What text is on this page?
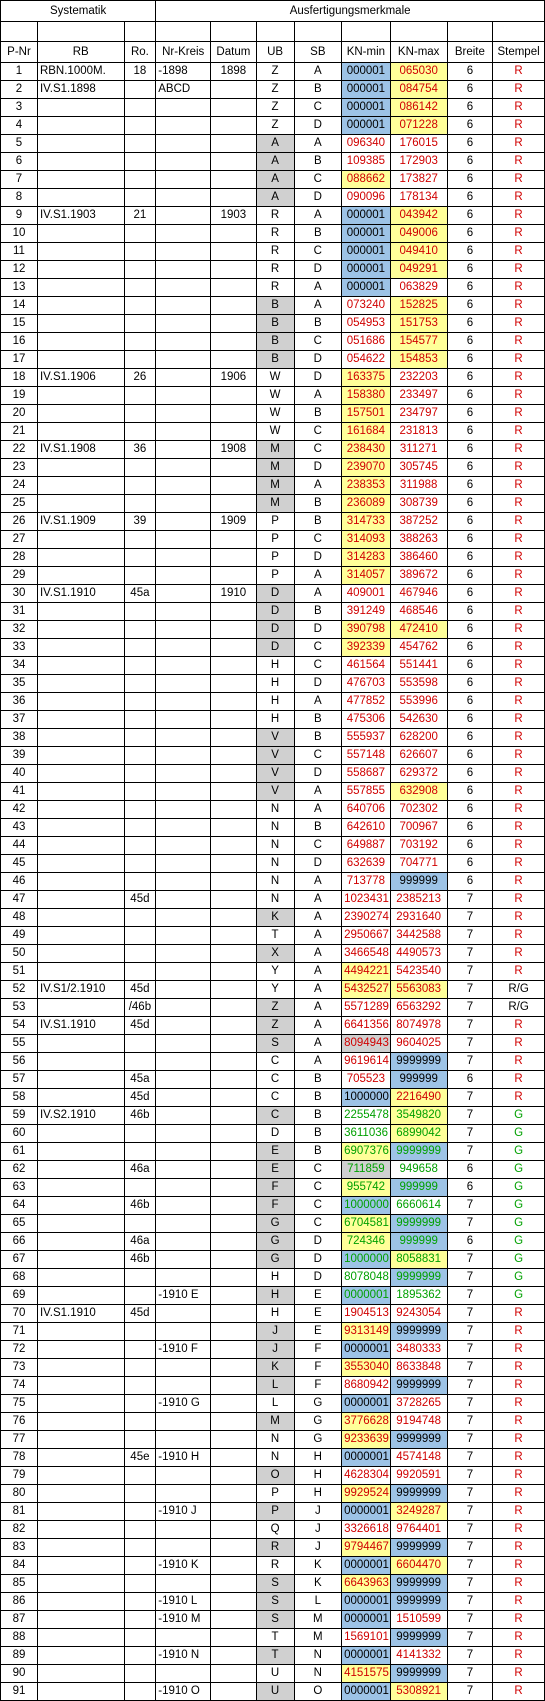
Systematik			Ausfertigungsmerkmale							

P-Nr	RB	Ro.	Nr-Kreis	Datum	UB	SB	KN-min	KN-max	Breite	Stempel
1	RBN.1000M.	18	-1898	1898	Z	A	000001	065030	6	R
2	IV.S1.1898		ABCD		Z	B	000001	084754	6	R
3					Z	C	000001	086142	6	R
4					Z	D	000001	071228	6	R
5					A	A	096340	176015	6	R
6					A	B	109385	172903	6	R
7					A	C	088662	173827	6	R
8					A	D	090096	178134	6	R
9	IV.S1.1903	21		1903	R	A	000001	043942	6	R
10					R	B	000001	049006	6	R
11					R	C	000001	049410	6	R
12					R	D	000001	049291	6	R
13					R	A	000001	063829	6	R
14					B	A	073240	152825	6	R
15					B	B	054953	151753	6	R
16					B	C	051686	154577	6	R
17					B	D	054622	154853	6	R
18	IV.S1.1906	26		1906	W	D	163375	232203	6	R
19					W	A	158380	233497	6	R
20					W	B	157501	234797	6	R
21					W	C	161684	231813	6	R
22	IV.S1.1908	36		1908	M	C	238430	311271	6	R
23					M	D	239070	305745	6	R
24					M	A	238353	311988	6	R
25					M	B	236089	308739	6	R
26	IV.S1.1909	39		1909	P	B	314733	387252	6	R
27					P	C	314093	388263	6	R
28					P	D	314283	386460	6	R
29					P	A	314057	389672	6	R
30	IV.S1.1910	45a		1910	D	A	409001	467946	6	R
31					D	B	391249	468546	6	R
32					D	D	390798	472410	6	R
33					D	C	392339	454762	6	R
34					H	C	461564	551441	6	R
35					H	D	476703	553598	6	R
36					H	A	477852	553996	6	R
37					H	B	475306	542630	6	R
38					V	B	555937	628200	6	R
39					V	C	557148	626607	6	R
40					V	D	558687	629372	6	R
41					V	A	557855	632908	6	R
42					N	A	640706	702302	6	R
43					N	B	642610	700967	6	R
44					N	C	649887	703192	6	R
45					N	D	632639	704771	6	R
46					N	A	713778	999999	6	R
47		45d			N	A	1023431	2385213	7	R
48					K	A	2390274	2931640	7	R
49					T	A	2950667	3442588	7	R
50					X	A	3466548	4490573	7	R
51					Y	A	4494221	5423540	7	R
52	IV.S1/2.1910	45d			Y	A	5432527	5563083	7	R/G
53		/46b			Z	A	5571289	6563292	7	R/G
54	IV.S1.1910	45d			Z	A	6641356	8074978	7	R
55					S	A	8094943	9604025	7	R
56					C	A	9619614	9999999	7	R
57		45a			C	B	705523	999999	6	R
58		45d			C	B	1000000	2216490	7	R
59	IV.S2.1910	46b			C	B	2255478	3549820	7	G
60					D	B	3611036	6899042	7	G
61					E	B	6907376	9999999	7	G
62		46a			E	C	711859	949658	6	G
63					F	C	955742	999999	6	G
64		46b			F	C	1000000	6660614	7	G
65					G	C	6704581	9999999	7	G
66		46a			G	D	724346	999999	6	G
67		46b			G	D	1000000	8058831	7	G
68					H	D	8078048	9999999	7	G
69			-1910 E		H	E	0000001	1895362	7	G
70	IV.S1.1910	45d			H	E	1904513	9243054	7	R
71					J	E	9313149	9999999	7	R
72			-1910 F		J	F	0000001	3480333	7	R
73					K	F	3553040	8633848	7	R
74					L	F	8680942	9999999	7	R
75			-1910 G		L	G	0000001	3728265	7	R
76					M	G	3776628	9194748	7	R
77					N	G	9233639	9999999	7	R
78		45e	-1910 H		N	H	0000001	4574148	7	R
79					O	H	4628304	9920591	7	R
80					P	H	9929524	9999999	7	R
81			-1910 J		P	J	0000001	3249287	7	R
82					Q	J	3326618	9764401	7	R
83					R	J	9794467	9999999	7	R
84			-1910 K		R	K	0000001	6604470	7	R
85					S	K	6643963	9999999	7	R
86			-1910 L		S	L	0000001	9999999	7	R
87			-1910 M		S	M	0000001	1510599	7	R
88					T	M	1569101	9999999	7	R
89			-1910 N		T	N	0000001	4141332	7	R
90					U	N	4151575	9999999	7	R
91			-1910 O		U	O	0000001	5308921	7	R
